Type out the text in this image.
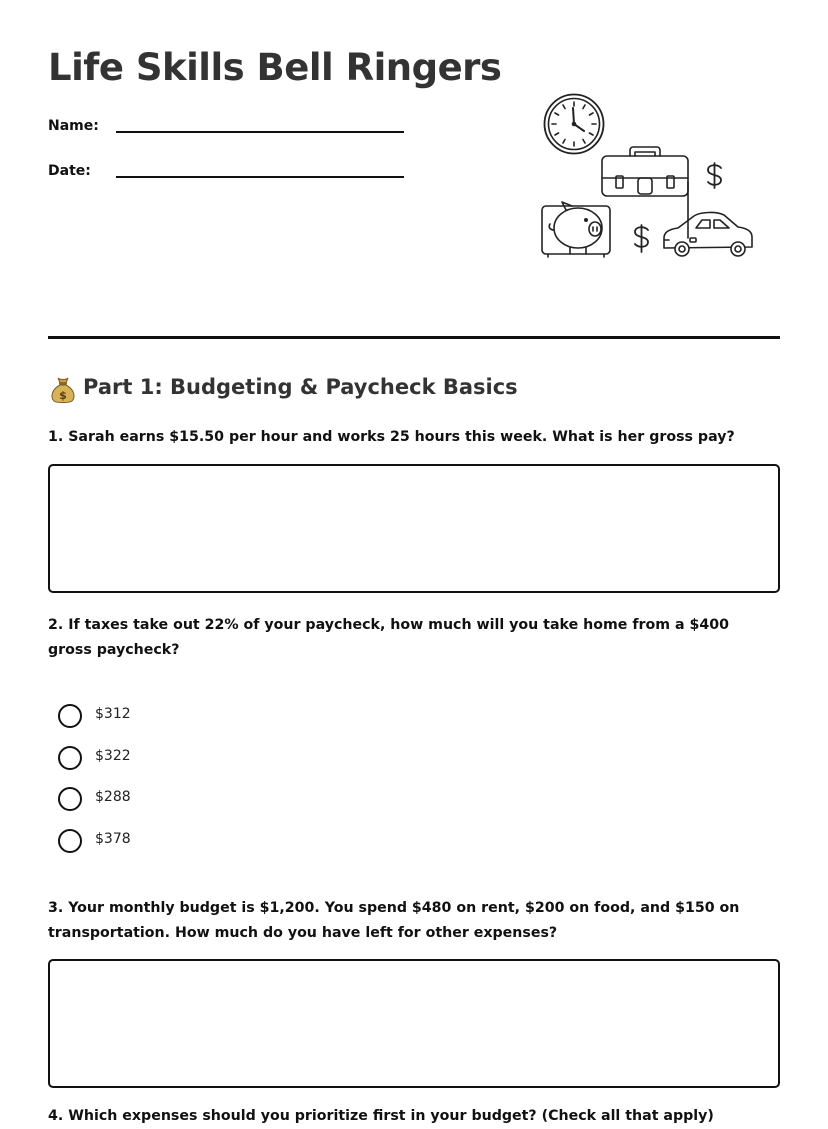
Life Skills Bell Ringers
Name:
Date:
$ Part 1: Budgeting & Paycheck Basics
1. Sarah earns $15.50 per hour and works 25 hours this week. What is her gross pay?
2. If taxes take out 22% of your paycheck, how much will you take home from a $400 gross paycheck?
$312
$322
$288
$378
3. Your monthly budget is $1,200. You spend $480 on rent, $200 on food, and $150 on transportation. How much do you have left for other expenses?
4. Which expenses should you prioritize first in your budget? (Check all that apply)
